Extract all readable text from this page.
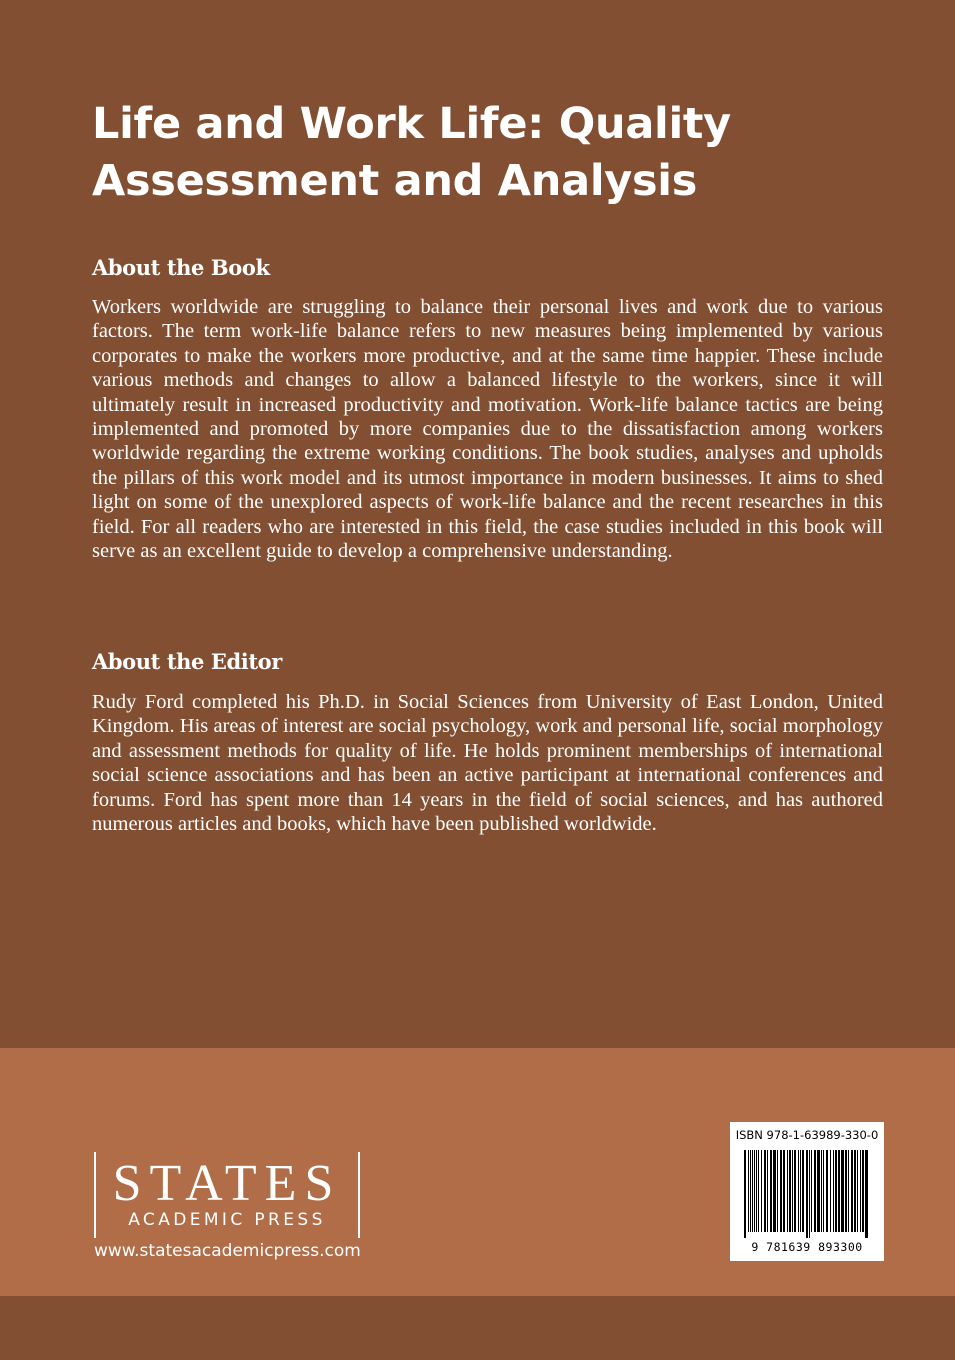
Life and Work Life: Quality
Assessment and Analysis
About the Book

Workers worldwide are struggling to balance their personal lives and work due to various factors. The term work-life balance refers to new measures being implemented by various corporates to make the workers more productive, and at the same time happier. These include various methods and changes to allow a balanced lifestyle to the workers, since it will ultimately result in increased productivity and motivation. Work-life balance tactics are being implemented and promoted by more companies due to the dissatisfaction among workers worldwide regarding the extreme working conditions. The book studies, analyses and upholds the pillars of this work model and its utmost importance in modern businesses. It aims to shed light on some of the unexplored aspects of work-life balance and the recent researches in this field. For all readers who are interested in this field, the case studies included in this book will serve as an excellent guide to develop a comprehensive understanding.

About the Editor

Rudy Ford completed his Ph.D. in Social Sciences from University of East London, United Kingdom. His areas of interest are social psychology, work and personal life, social morphology and assessment methods for quality of life. He holds prominent memberships of international social science associations and has been an active participant at international conferences and forums. Ford has spent more than 14 years in the field of social sciences, and has authored numerous articles and books, which have been published worldwide.

STATES
ACADEMIC PRESS
www.statesacademicpress.com
ISBN 978-1-63989-330-0
9 781639 893300
